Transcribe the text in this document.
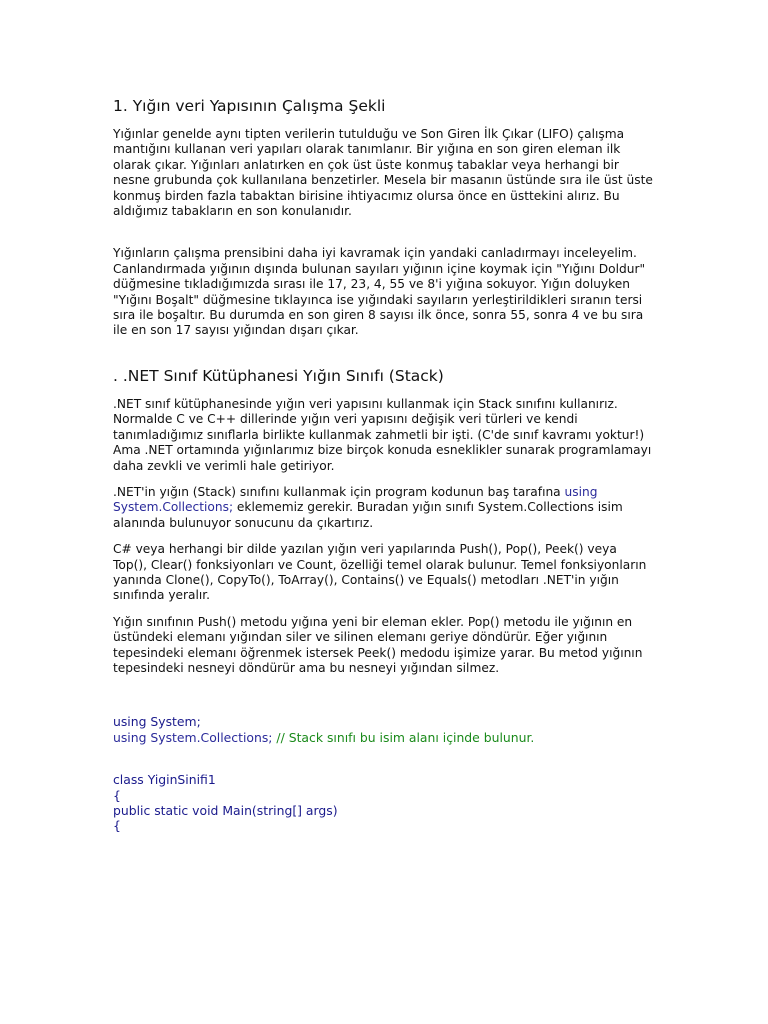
1. Yığın veri Yapısının Çalışma Şekli

Yığınlar genelde aynı tipten verilerin tutulduğu ve Son Giren İlk Çıkar (LIFO) çalışma mantığını kullanan veri yapıları olarak tanımlanır. Bir yığına en son giren eleman ilk olarak çıkar. Yığınları anlatırken en çok üst üste konmuş tabaklar veya herhangi bir nesne grubunda çok kullanılana benzetirler. Mesela bir masanın üstünde sıra ile üst üste konmuş birden fazla tabaktan birisine ihtiyacımız olursa önce en üsttekini alırız. Bu aldığımız tabakların en son konulanıdır.

Yığınların çalışma prensibini daha iyi kavramak için yandaki canladırmayı inceleyelim. Canlandırmada yığının dışında bulunan sayıları yığının içine koymak için "Yığını Doldur" düğmesine tıkladığımızda sırası ile 17, 23, 4, 55 ve 8'i yığına sokuyor. Yığın doluyken "Yığını Boşalt" düğmesine tıklayınca ise yığındaki sayıların yerleştirildikleri sıranın tersi sıra ile boşaltır. Bu durumda en son giren 8 sayısı ilk önce, sonra 55, sonra 4 ve bu sıra ile en son 17 sayısı yığından dışarı çıkar.

. .NET Sınıf Kütüphanesi Yığın Sınıfı (Stack)

.NET sınıf kütüphanesinde yığın veri yapısını kullanmak için Stack sınıfını kullanırız. Normalde C ve C++ dillerinde yığın veri yapısını değişik veri türleri ve kendi tanımladığımız sınıflarla birlikte kullanmak zahmetli bir işti. (C'de sınıf kavramı yoktur!) Ama .NET ortamında yığınlarımız bize birçok konuda esneklikler sunarak programlamayı daha zevkli ve verimli hale getiriyor.

.NET'in yığın (Stack) sınıfını kullanmak için program kodunun baş tarafına using System.Collections; eklememiz gerekir. Buradan yığın sınıfı System.Collections isim alanında bulunuyor sonucunu da çıkartırız.

C# veya herhangi bir dilde yazılan yığın veri yapılarında Push(), Pop(), Peek() veya Top(), Clear() fonksiyonları ve Count, özelliği temel olarak bulunur. Temel fonksiyonların yanında Clone(), CopyTo(), ToArray(), Contains() ve Equals() metodları .NET'in yığın sınıfında yeralır.

Yığın sınıfının Push() metodu yığına yeni bir eleman ekler. Pop() metodu ile yığının en üstündeki elemanı yığından siler ve silinen elemanı geriye döndürür. Eğer yığının tepesindeki elemanı öğrenmek istersek Peek() medodu işimize yarar. Bu metod yığının tepesindeki nesneyi döndürür ama bu nesneyi yığından silmez.

using System;
using System.Collections; // Stack sınıfı bu isim alanı içinde bulunur.
class YiginSinifi1
{
public static void Main(string[] args)
{
